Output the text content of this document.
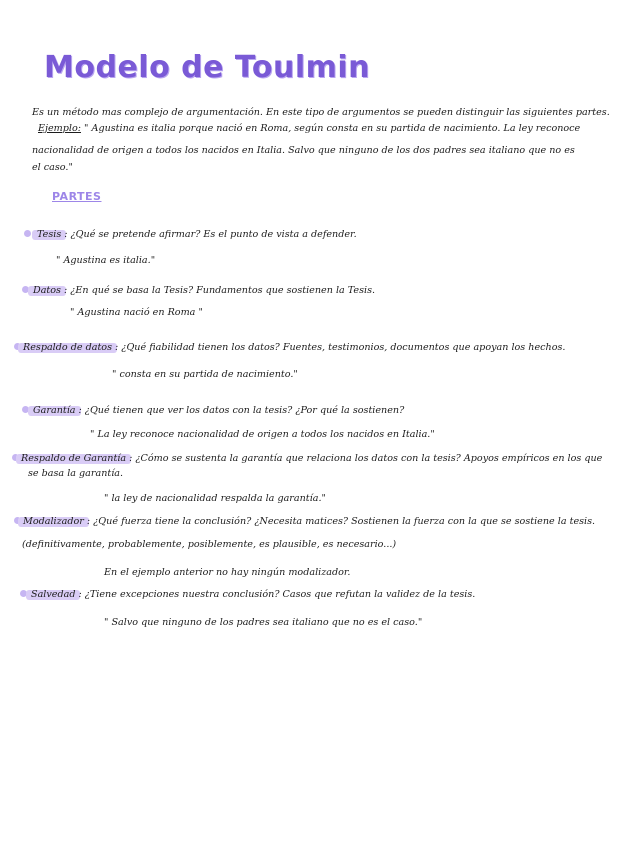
Modelo de Toulmin
Es un método mas complejo de argumentación. En este tipo de argumentos se pueden distinguir las siguientes partes.
Ejemplo: " Agustina es italia porque nació en Roma, según consta en su partida de nacimiento. La ley reconoce
nacionalidad de origen a todos los nacidos en Italia. Salvo que ninguno de los dos padres sea italiano que no es
el caso."
PARTES
Tesis : ¿Qué se pretende afirmar? Es el punto de vista a defender.
" Agustina es italia."
Datos : ¿En qué se basa la Tesis? Fundamentos que sostienen la Tesis.
" Agustina nació en Roma "
Respaldo de datos : ¿Qué fiabilidad tienen los datos? Fuentes, testimonios, documentos que apoyan los hechos.
" consta en su partida de nacimiento."
Garantía : ¿Qué tienen que ver los datos con la tesis? ¿Por qué la sostienen?
" La ley reconoce nacionalidad de origen a todos los nacidos en Italia."
Respaldo de Garantía : ¿Cómo se sustenta la garantía que relaciona los datos con la tesis? Apoyos empíricos en los que
se basa la garantía.
" la ley de nacionalidad respalda la garantía."
Modalizador : ¿Qué fuerza tiene la conclusión? ¿Necesita matices? Sostienen la fuerza con la que se sostiene la tesis.
(definitivamente, probablemente, posiblemente, es plausible, es necesario...)
En el ejemplo anterior no hay ningún modalizador.
Salvedad : ¿Tiene excepciones nuestra conclusión? Casos que refutan la validez de la tesis.
" Salvo que ninguno de los padres sea italiano que no es el caso."
